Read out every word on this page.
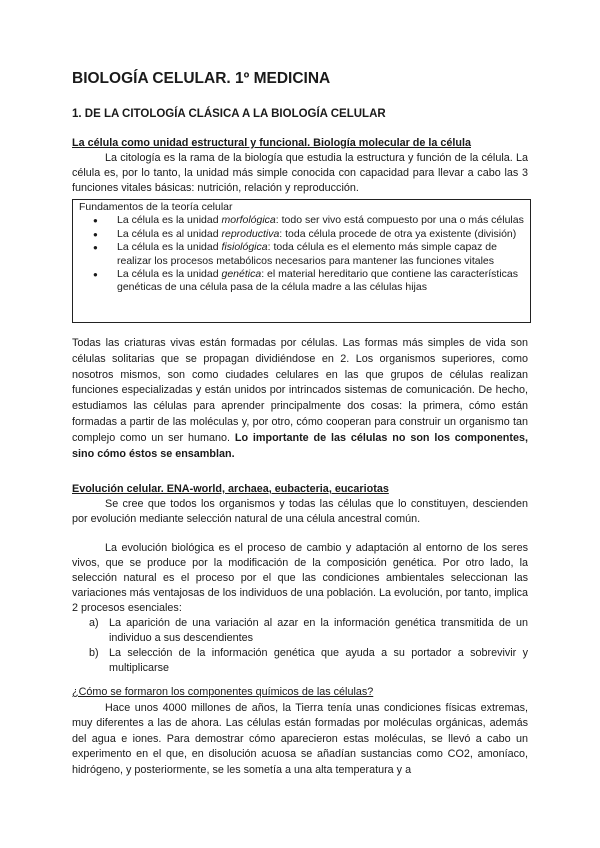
BIOLOGÍA CELULAR. 1º MEDICINA
1. DE LA CITOLOGÍA CLÁSICA A LA BIOLOGÍA CELULAR

La célula como unidad estructural y funcional. Biología molecular de la célula

La citología es la rama de la biología que estudia la estructura y función de la célula. La célula es, por lo tanto, la unidad más simple conocida con capacidad para llevar a cabo las 3 funciones vitales básicas: nutrición, relación y reproducción.

Fundamentos de la teoría celular

● La célula es la unidad morfológica: todo ser vivo está compuesto por una o más células
● La célula es al unidad reproductiva: toda célula procede de otra ya existente (división)
● La célula es la unidad fisiológica: toda célula es el elemento más simple capaz de realizar los procesos metabólicos necesarios para mantener las funciones vitales
● La célula es la unidad genética: el material hereditario que contiene las características genéticas de una célula pasa de la célula madre a las células hijas

Todas las criaturas vivas están formadas por células. Las formas más simples de vida son células solitarias que se propagan dividiéndose en 2. Los organismos superiores, como nosotros mismos, son como ciudades celulares en las que grupos de células realizan funciones especializadas y están unidos por intrincados sistemas de comunicación. De hecho, estudiamos las células para aprender principalmente dos cosas: la primera, cómo están formadas a partir de las moléculas y, por otro, cómo cooperan para construir un organismo tan complejo como un ser humano. Lo importante de las células no son los componentes, sino cómo éstos se ensamblan.

Evolución celular. ENA-world, archaea, eubacteria, eucariotas

Se cree que todos los organismos y todas las células que lo constituyen, descienden por evolución mediante selección natural de una célula ancestral común.

La evolución biológica es el proceso de cambio y adaptación al entorno de los seres vivos, que se produce por la modificación de la composición genética. Por otro lado, la selección natural es el proceso por el que las condiciones ambientales seleccionan las variaciones más ventajosas de los individuos de una población. La evolución, por tanto, implica 2 procesos esenciales:

a) La aparición de una variación al azar en la información genética transmitida de un individuo a sus descendientes
b) La selección de la información genética que ayuda a su portador a sobrevivir y multiplicarse

¿Cómo se formaron los componentes químicos de las células?

Hace unos 4000 millones de años, la Tierra tenía unas condiciones físicas extremas, muy diferentes a las de ahora. Las células están formadas por moléculas orgánicas, además del agua e iones. Para demostrar cómo aparecieron estas moléculas, se llevó a cabo un experimento en el que, en disolución acuosa se añadían sustancias como CO2, amoníaco, hidrógeno, y posteriormente, se les sometía a una alta temperatura y a
